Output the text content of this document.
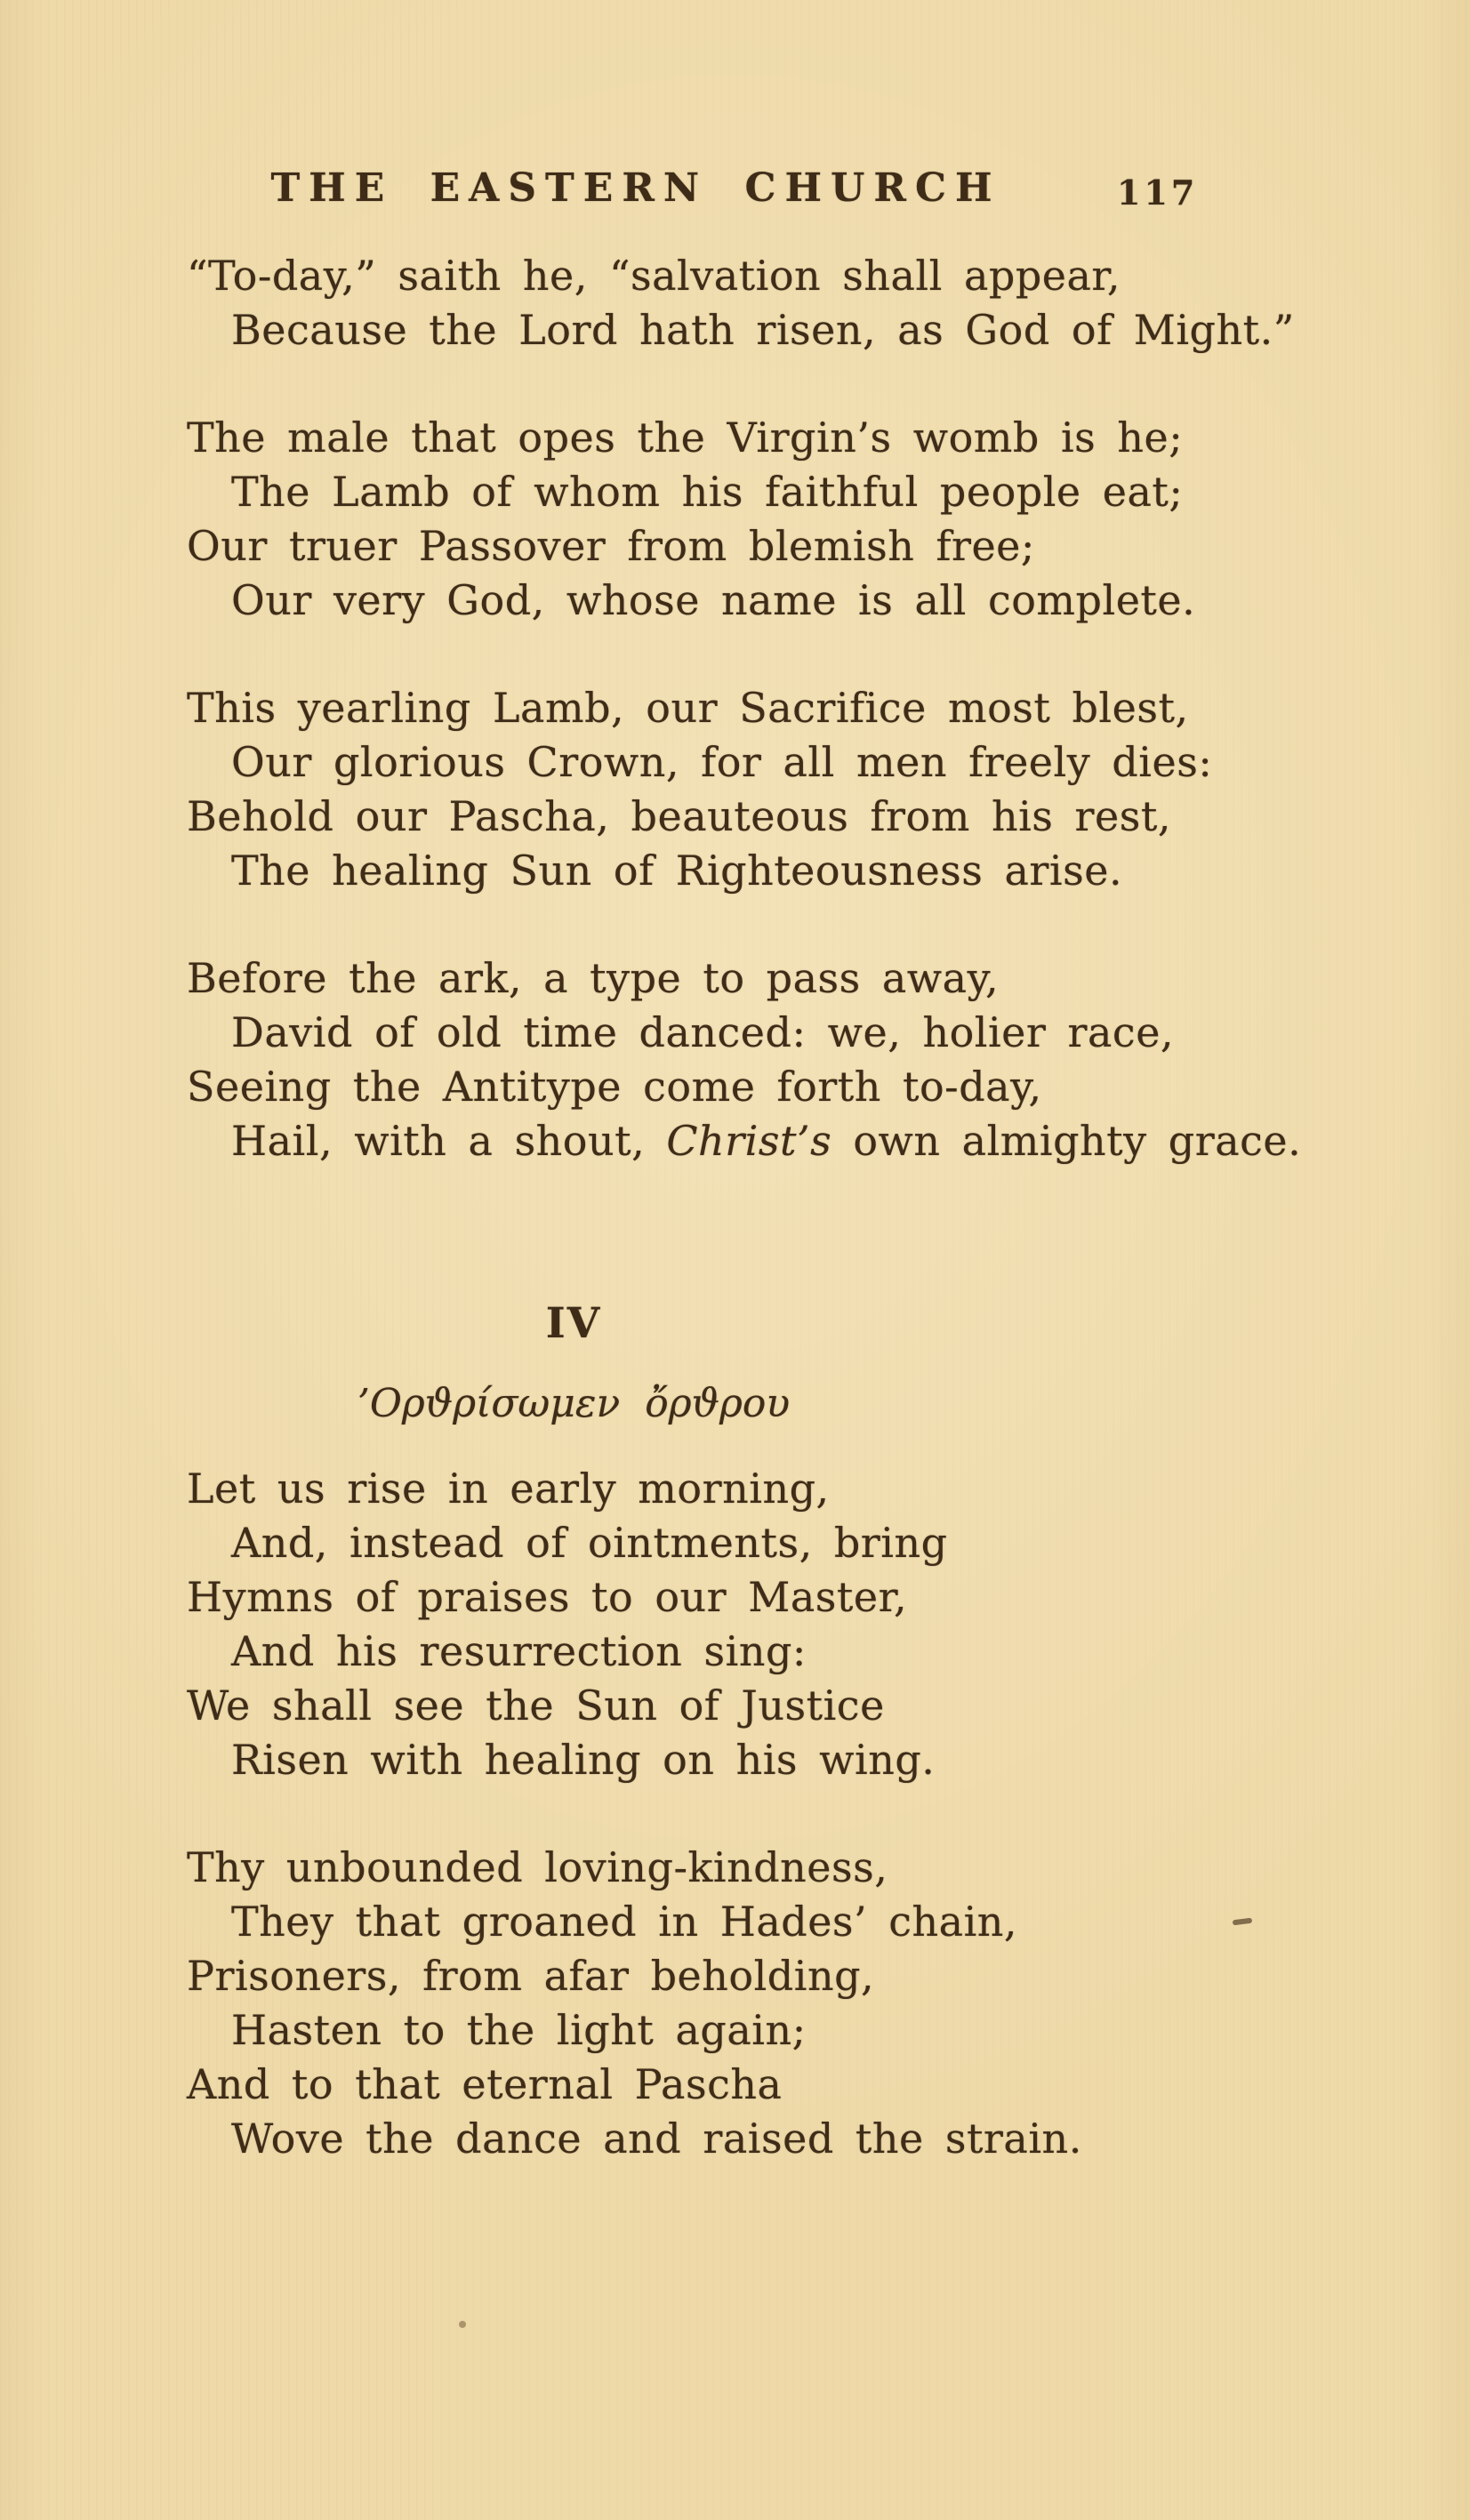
THE EASTERN CHURCH	117
“To-day,” saith he, “salvation shall appear,
Because the Lord hath risen, as God of Might.”
The male that opes the Virgin’s womb is he;
The Lamb of whom his faithful people eat;
Our truer Passover from blemish free;
Our very God, whose name is all complete.
This yearling Lamb, our Sacrifice most blest,
Our glorious Crown, for all men freely dies:
Behold our Pascha, beauteous from his rest,
The healing Sun of Righteousness arise.
Before the ark, a type to pass away,
David of old time danced: we, holier race,
Seeing the Antitype come forth to-day,
Hail, with a shout, Christ’s own almighty grace.
IV
’Ορϑρίσωμεν ὄρϑρου
Let us rise in early morning,
And, instead of ointments, bring
Hymns of praises to our Master,
And his resurrection sing:
We shall see the Sun of Justice
Risen with healing on his wing.
Thy unbounded loving-kindness,
They that groaned in Hades’ chain,
Prisoners, from afar beholding,
Hasten to the light again;
And to that eternal Pascha
Wove the dance and raised the strain.
